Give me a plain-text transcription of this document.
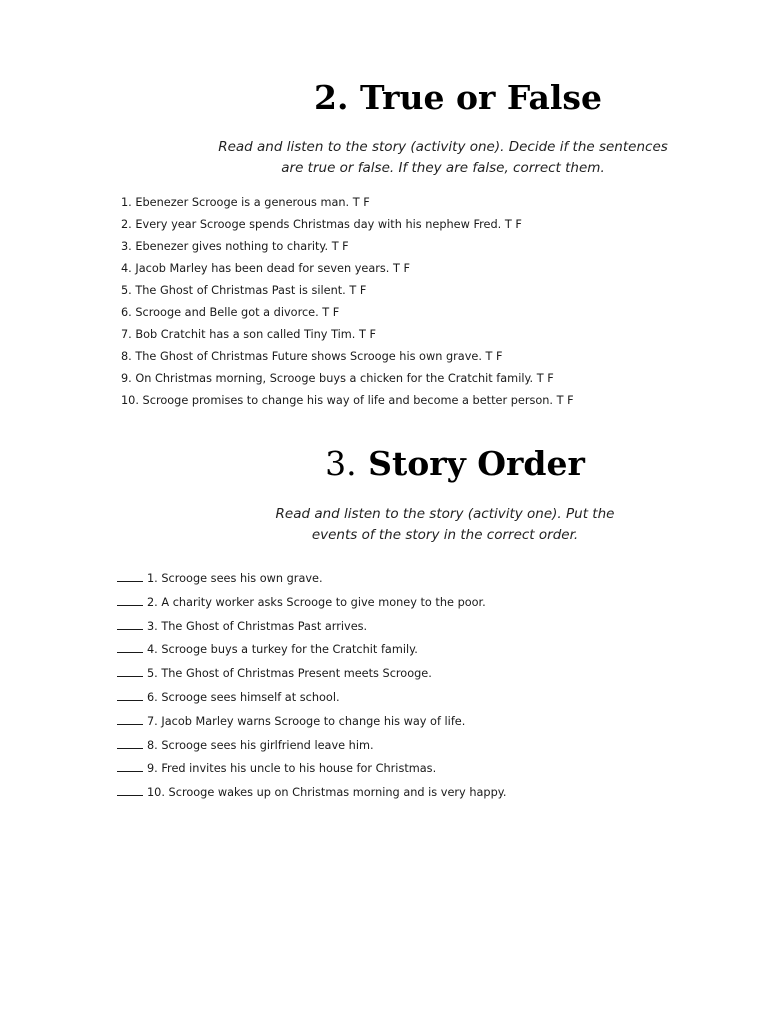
2. True or False

Read and listen to the story (activity one). Decide if the sentences
are true or false. If they are false, correct them.

1. Ebenezer Scrooge is a generous man. T F
2. Every year Scrooge spends Christmas day with his nephew Fred. T F
3. Ebenezer gives nothing to charity. T F
4. Jacob Marley has been dead for seven years. T F
5. The Ghost of Christmas Past is silent. T F
6. Scrooge and Belle got a divorce. T F
7. Bob Cratchit has a son called Tiny Tim. T F
8. The Ghost of Christmas Future shows Scrooge his own grave. T F
9. On Christmas morning, Scrooge buys a chicken for the Cratchit family. T F
10. Scrooge promises to change his way of life and become a better person. T F
3. Story Order

Read and listen to the story (activity one). Put the
events of the story in the correct order.

1. Scrooge sees his own grave.
2. A charity worker asks Scrooge to give money to the poor.
3. The Ghost of Christmas Past arrives.
4. Scrooge buys a turkey for the Cratchit family.
5. The Ghost of Christmas Present meets Scrooge.
6. Scrooge sees himself at school.
7. Jacob Marley warns Scrooge to change his way of life.
8. Scrooge sees his girlfriend leave him.
9. Fred invites his uncle to his house for Christmas.
10. Scrooge wakes up on Christmas morning and is very happy.
